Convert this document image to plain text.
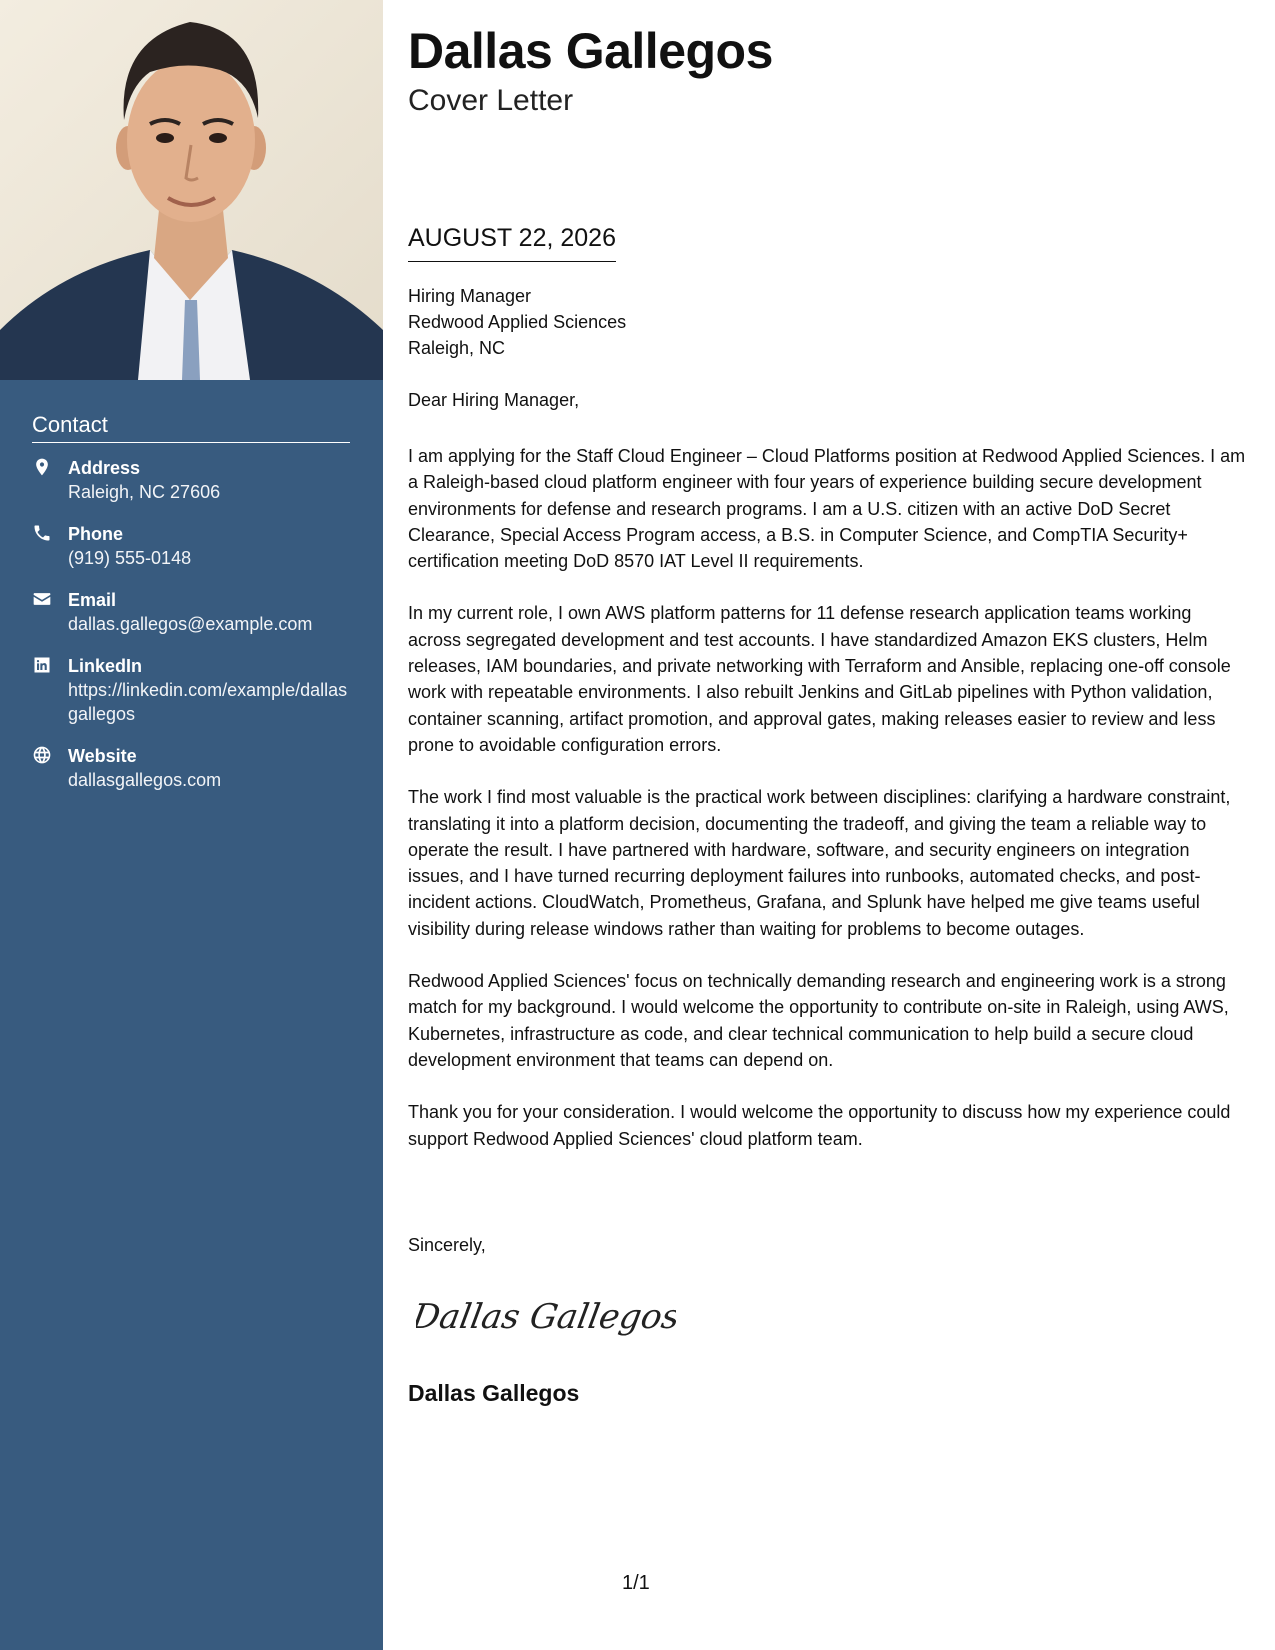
Contact
Address
Raleigh, NC 27606
Phone
(919) 555-0148
Email
dallas.gallegos@example.com
LinkedIn
https://linkedin.com/example/dallasgallegos
Website
dallasgallegos.com
Dallas Gallegos
Cover Letter
AUGUST 22, 2026
Hiring Manager
Redwood Applied Sciences
Raleigh, NC
Dear Hiring Manager,

I am applying for the Staff Cloud Engineer – Cloud Platforms position at Redwood Applied Sciences. I am a Raleigh-based cloud platform engineer with four years of experience building secure development environments for defense and research programs. I am a U.S. citizen with an active DoD Secret Clearance, Special Access Program access, a B.S. in Computer Science, and CompTIA Security+ certification meeting DoD 8570 IAT Level II requirements.

In my current role, I own AWS platform patterns for 11 defense research application teams working across segregated development and test accounts. I have standardized Amazon EKS clusters, Helm releases, IAM boundaries, and private networking with Terraform and Ansible, replacing one-off console work with repeatable environments. I also rebuilt Jenkins and GitLab pipelines with Python validation, container scanning, artifact promotion, and approval gates, making releases easier to review and less prone to avoidable configuration errors.

The work I find most valuable is the practical work between disciplines: clarifying a hardware constraint, translating it into a platform decision, documenting the tradeoff, and giving the team a reliable way to operate the result. I have partnered with hardware, software, and security engineers on integration issues, and I have turned recurring deployment failures into runbooks, automated checks, and post-incident actions. CloudWatch, Prometheus, Grafana, and Splunk have helped me give teams useful visibility during release windows rather than waiting for problems to become outages.

Redwood Applied Sciences' focus on technically demanding research and engineering work is a strong match for my background. I would welcome the opportunity to contribute on-site in Raleigh, using AWS, Kubernetes, infrastructure as code, and clear technical communication to help build a secure cloud development environment that teams can depend on.

Thank you for your consideration. I would welcome the opportunity to discuss how my experience could support Redwood Applied Sciences' cloud platform team.

Sincerely,
Dallas Gallegos
Dallas Gallegos
1/1
